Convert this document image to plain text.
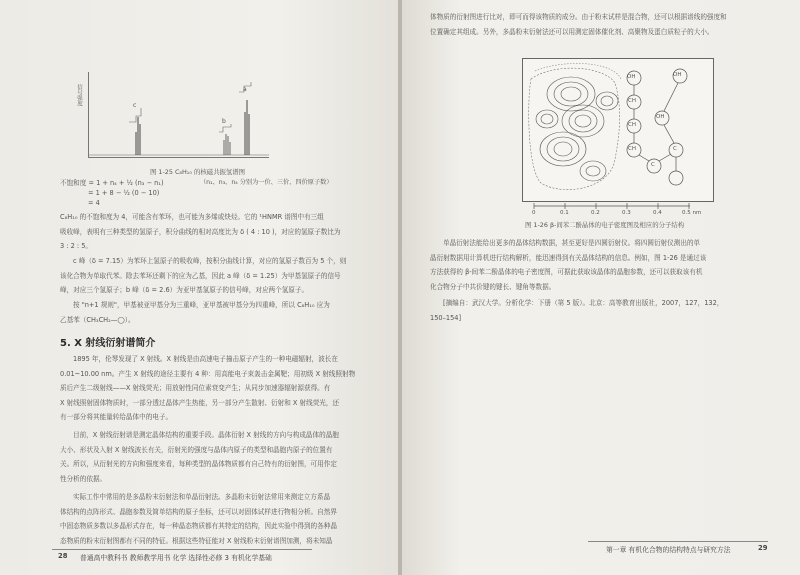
信号强度	c
b
a
图 1-25 C₈H₁₀ 的核磁共振氢谱图
不饱和度 = 1 + n₄ + ½ (n₃ − n₁)
= 1 + 8 − ½ (0 − 10)
= 4
（n₁、n₃、n₄ 分别为一价、三价、四价原子数）
C₈H₁₀ 的不饱和度为 4，可能含有苯环，也可能为多烯或炔烃。它的 ¹HNMR 谱图中有三组
吸收峰，表明有三种类型的氢原子，积分曲线的相对高度比为 δ ( 4 : 10 )，对应的氢原子数比为
3 : 2 : 5。
c 峰（δ = 7.15）为苯环上氢原子的吸收峰，按积分曲线计算，对应的氢原子数百为 5 个，则
该化合物为单取代苯。除去苯环还剩下的应为乙基，因此 a 峰（δ = 1.25）为甲基氢原子的信号
峰，对应三个氢原子；b 峰（δ = 2.6）为亚甲基氢原子的信号峰，对应两个氢原子。
按 "n+1 规则"，甲基被亚甲基分为三重峰，亚甲基被甲基分为四重峰，所以 C₈H₁₀ 应为
乙基苯（CH₃CH₂—◯）。
5. X 射线衍射谱简介
1895 年，伦琴发现了 X 射线。X 射线是由高速电子撞击原子产生的一种电磁辐射，波长在
0.01~10.00 nm。产生 X 射线的途径主要有 4 种：用高能电子束轰击金属靶；用初级 X 射线照射物
质后产生二级射线——X 射线荧光；用放射性同位素衰变产生；从同步加速器辐射源获得。有
X 射线照射固体物质时，一部分透过晶体产生热能，另一部分产生散射、衍射和 X 射线荧光，还
有一部分将其能量转给晶体中的电子。
目前，X 射线衍射谱是测定晶体结构的重要手段。晶体衍射 X 射线的方向与构成晶体的晶胞
大小、形状及入射 X 射线波长有关，衍射光的强度与晶体内原子的类型和晶胞内原子的位置有
关。所以，从衍射光的方向和强度来看，每种类型的晶体物质都有自己特有的衍射图，可用作定
性分析的依据。
实际工作中常用的是多晶粉末衍射法和单晶衍射法。多晶粉末衍射法常用来测定立方系晶
体结构的点阵形式、晶胞参数及简单结构的原子坐标，还可以对固体试样进行物相分析。自然界
中固态物质多数以多晶形式存在，每一种晶态物质都有其特定的结构，因此实验中得到的各种晶
态物质的粉末衍射图都有不同的特征。根据这些特征能对 X 射线粉末衍射谱图加测，将未知晶
28 普通高中教科书 教师教学用书 化学 选择性必修 3 有机化学基础
体物质的衍射图进行比对，即可而得该物质的成分。由于粉末试样是混合物，还可以根据谱线的强度和
位置确定其组成。另外，多晶粉末衍射法还可以用测定固体催化剂、高聚物及蛋白质粒子的大小。
OH
CH
CH
CH
C
OH
C
OH
0	0.1	0.2	0.3	0.4	0.5 nm
图 1-26 β-间苯二酚晶体的电子密度图及相应的分子结构
单晶衍射法能给出更多的晶体结构数据，甚至更好是四圆衍射仪。将四圆衍射仪测出的单
晶衍射数据用计算机进行结构解析，能迅速得到有关晶体结构的信息。例如，图 1-26 是通过该
方法获得的 β-间苯二酚晶体的电子密度图，可据此获取该晶体的晶胞参数，还可以获取该有机
化合物分子中共价键的键长、键角等数据。
[摘编自：武汉大学。分析化学：下册（第 5 版）。北京：高等教育出版社，2007，127，132，
150–154]
第一章 有机化合物的结构特点与研究方法	29
